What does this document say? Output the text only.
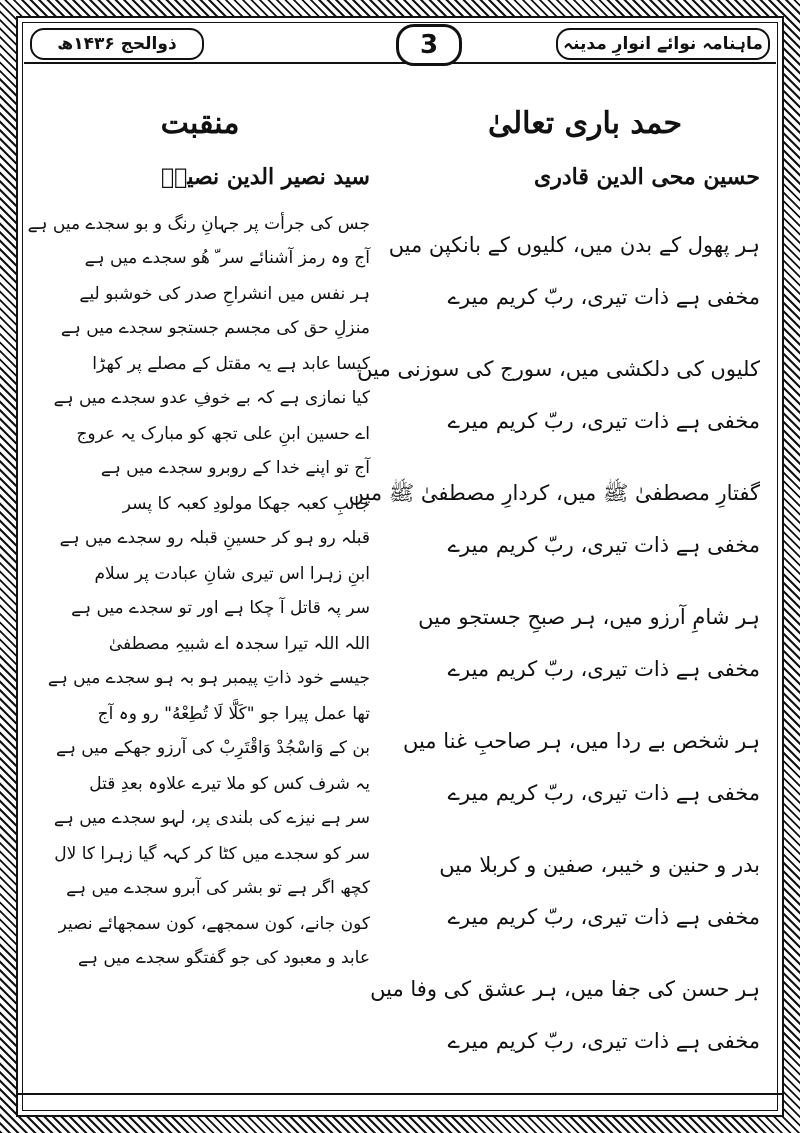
ماہنامہ نوائے انوارِ مدینہ
3
ذوالحج ۱۴۳۶ھ
حمد باری تعالیٰ
حسین محی الدین قادری
ہر پھول کے بدن میں، کلیوں کے بانکپن میں
مخفی ہے ذات تیری، ربّ کریم میرے
کلیوں کی دلکشی میں، سورج کی سوزنی میں
مخفی ہے ذات تیری، ربّ کریم میرے
گفتارِ مصطفیٰ ﷺ میں، کردارِ مصطفیٰ ﷺ میں
مخفی ہے ذات تیری، ربّ کریم میرے
ہر شامِ آرزو میں، ہر صبحِ جستجو میں
مخفی ہے ذات تیری، ربّ کریم میرے
ہر شخص بے ردا میں، ہر صاحبِ غنا میں
مخفی ہے ذات تیری، ربّ کریم میرے
بدر و حنین و خیبر، صفین و کربلا میں
مخفی ہے ذات تیری، ربّ کریم میرے
ہر حسن کی جفا میں، ہر عشق کی وفا میں
مخفی ہے ذات تیری، ربّ کریم میرے
منقبت
سید نصیر الدین نصیرؒ
جس کی جرأت پر جہانِ رنگ و بو سجدے میں ہے
آج وہ رمز آشنائے سر ّ ھُو سجدے میں ہے
ہر نفس میں انشراحِ صدر کی خوشبو لیے
منزلِ حق کی مجسم جستجو سجدے میں ہے
کیسا عابد ہے یہ مقتل کے مصلے پر کھڑا
کیا نمازی ہے کہ بے خوفِ عدو سجدے میں ہے
اے حسین ابنِ علی تجھ کو مبارک یہ عروج
آج تو اپنے خدا کے روبرو سجدے میں ہے
جانبِ کعبہ جھکا مولودِ کعبہ کا پسر
قبلہ رو ہو کر حسینِ قبلہ رو سجدے میں ہے
ابنِ زہرا اس تیری شانِ عبادت پر سلام
سر پہ قاتل آ چکا ہے اور تو سجدے میں ہے
اللہ اللہ تیرا سجدہ اے شبیہِ مصطفیٰ
جیسے خود ذاتِ پیمبر ہو بہ ہو سجدے میں ہے
تھا عمل پیرا جو "کَلَّا لَا تُطِعْهُ" رو وہ آج
بن کے وَاسْجُدْ وَاقْتَرِبْ کی آرزو جھکے میں ہے
یہ شرف کس کو ملا تیرے علاوہ بعدِ قتل
سر ہے نیزے کی بلندی پر، لہو سجدے میں ہے
سر کو سجدے میں کٹا کر کہہ گیا زہرا کا لال
کچھ اگر ہے تو بشر کی آبرو سجدے میں ہے
کون جانے، کون سمجھے، کون سمجھائے نصیر
عابد و معبود کی جو گفتگو سجدے میں ہے
